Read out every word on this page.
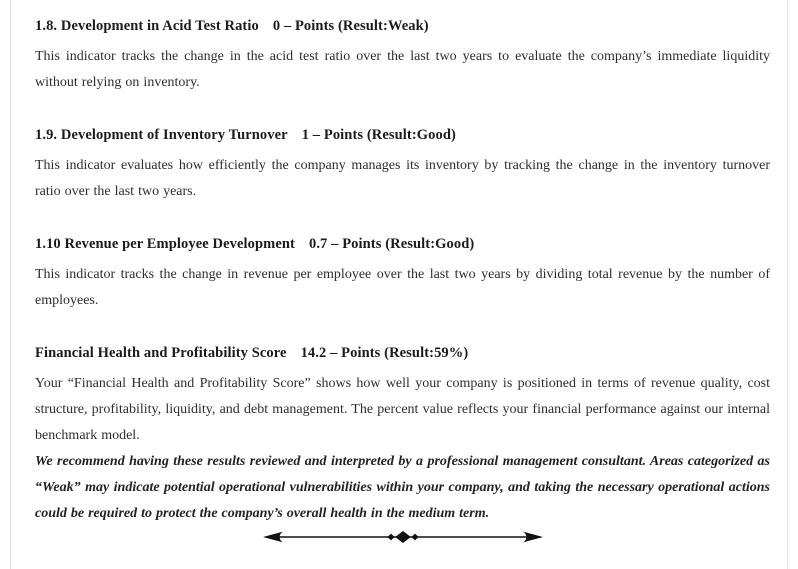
1.8. Development in Acid Test Ratio 0 – Points (Result:Weak)

This indicator tracks the change in the acid test ratio over the last two years to evaluate the company’s immediate liquidity without relying on inventory.

1.9. Development of Inventory Turnover 1 – Points (Result:Good)

This indicator evaluates how efficiently the company manages its inventory by tracking the change in the inventory turnover ratio over the last two years.

1.10 Revenue per Employee Development 0.7 – Points (Result:Good)

This indicator tracks the change in revenue per employee over the last two years by dividing total revenue by the number of employees.

Financial Health and Profitability Score 14.2 – Points (Result:59%)

Your “Financial Health and Profitability Score” shows how well your company is positioned in terms of revenue quality, cost structure, profitability, liquidity, and debt management. The percent value reflects your financial performance against our internal benchmark model.

We recommend having these results reviewed and interpreted by a professional management consultant. Areas categorized as “Weak” may indicate potential operational vulnerabilities within your company, and taking the necessary operational actions could be required to protect the company’s overall health in the medium term.
